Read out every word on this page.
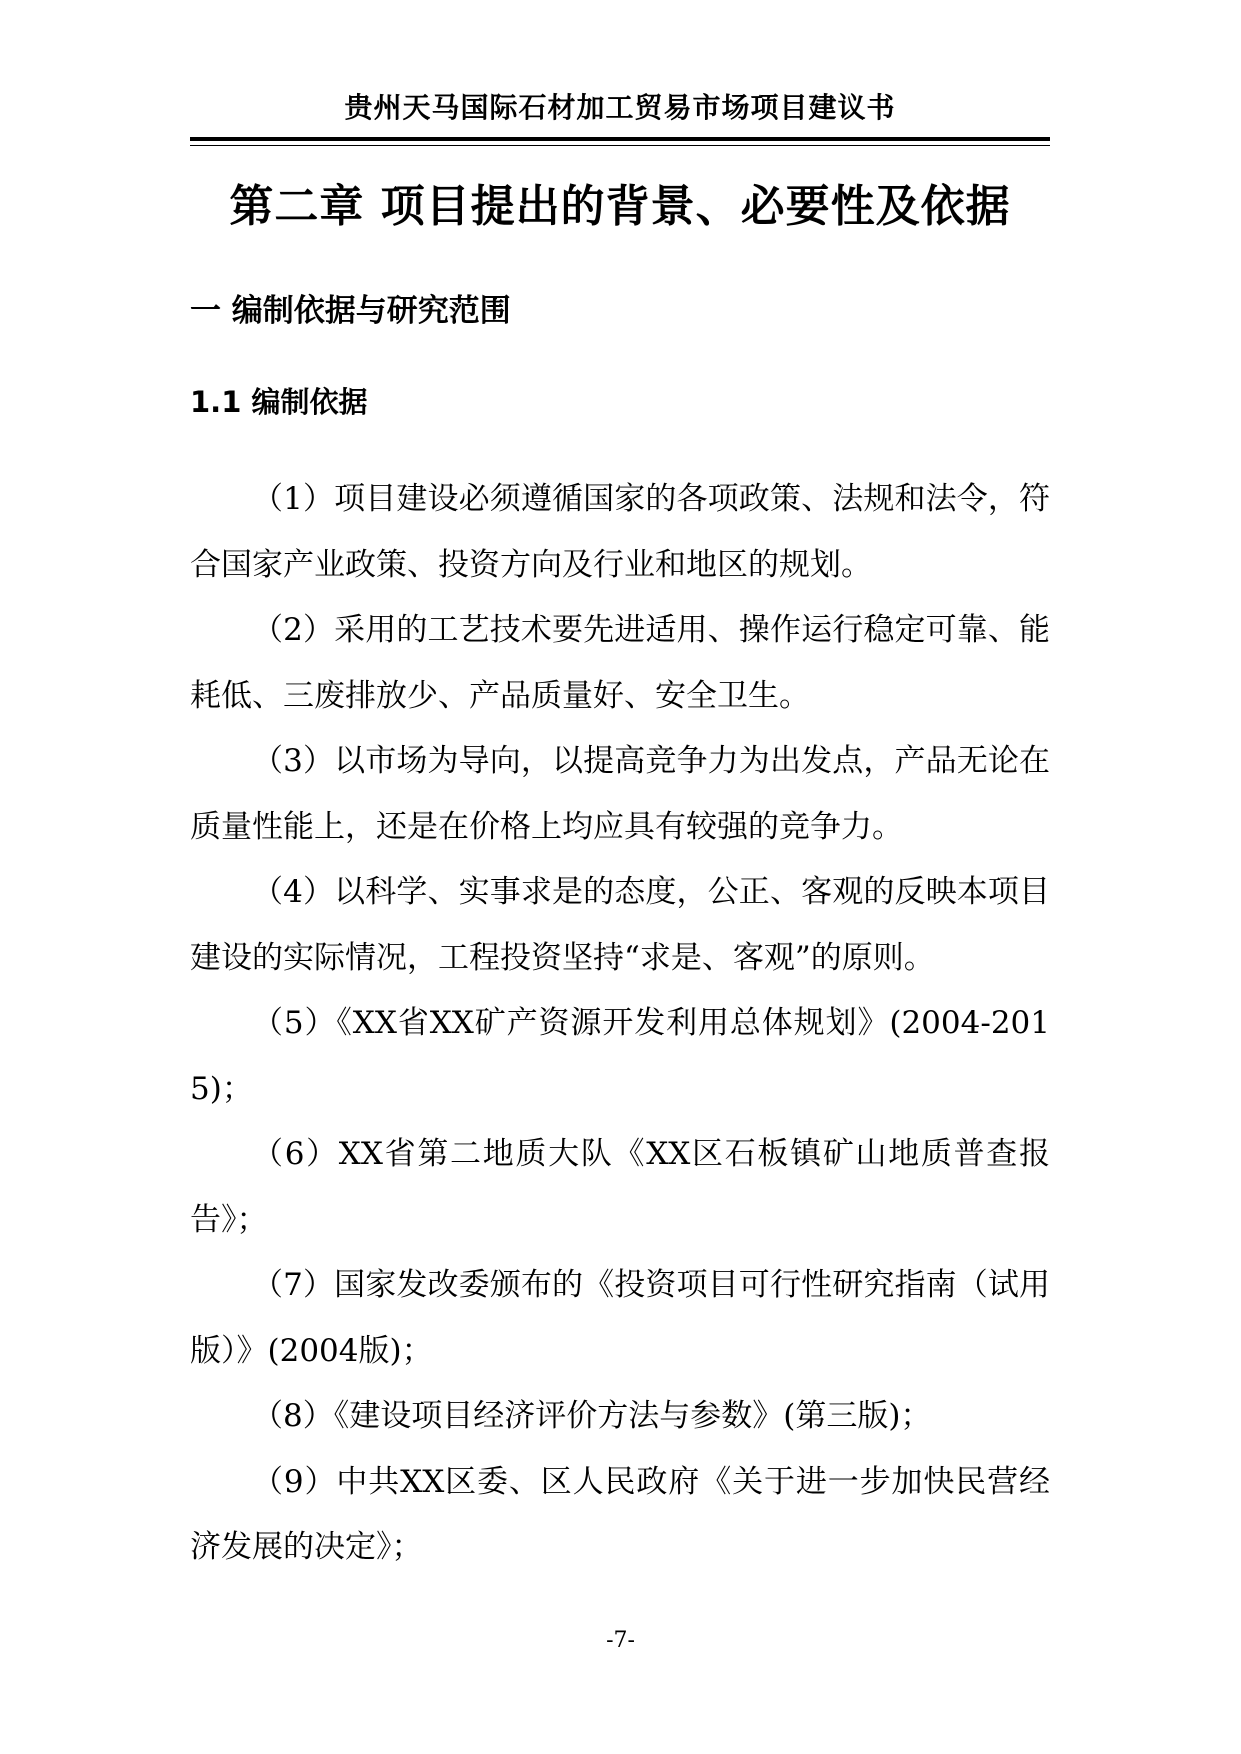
贵州天马国际石材加工贸易市场项目建议书
第二章 项目提出的背景、必要性及依据
一 编制依据与研究范围
1.1 编制依据

（1）项目建设必须遵循国家的各项政策、法规和法令，符合国家产业政策、投资方向及行业和地区的规划。

（2）采用的工艺技术要先进适用、操作运行稳定可靠、能耗低、三废排放少、产品质量好、安全卫生。

（3）以市场为导向，以提高竞争力为出发点，产品无论在质量性能上，还是在价格上均应具有较强的竞争力。

（4）以科学、实事求是的态度，公正、客观的反映本项目建设的实际情况，工程投资坚持“求是、客观”的原则。

（5）《XX省XX矿产资源开发利用总体规划》(2004-2015)；

（6）XX省第二地质大队《XX区石板镇矿山地质普查报告》；

（7）国家发改委颁布的《投资项目可行性研究指南（试用版）》(2004版)；

（8）《建设项目经济评价方法与参数》(第三版)；

（9）中共XX区委、区人民政府《关于进一步加快民营经济发展的决定》；

-7-
